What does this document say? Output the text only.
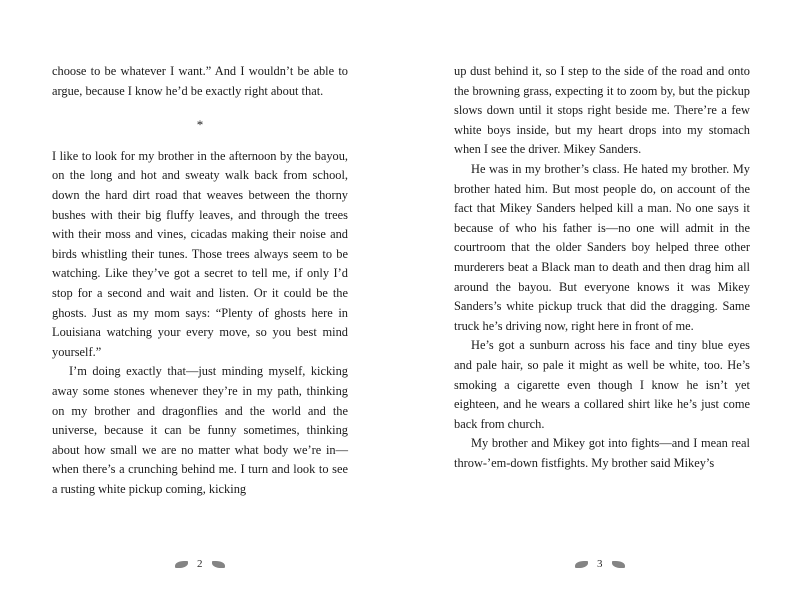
choose to be whatever I want.” And I wouldn’t be able to argue, because I know he’d be exactly right about that.

*

I like to look for my brother in the afternoon by the bayou, on the long and hot and sweaty walk back from school, down the hard dirt road that weaves between the thorny bushes with their big fluffy leaves, and through the trees with their moss and vines, cicadas making their noise and birds whistling their tunes. Those trees always seem to be watching. Like they’ve got a secret to tell me, if only I’d stop for a second and wait and listen. Or it could be the ghosts. Just as my mom says: “Plenty of ghosts here in Louisiana watching your every move, so you best mind yourself.”

I’m doing exactly that—just minding myself, kicking away some stones whenever they’re in my path, thinking on my brother and dragonflies and the world and the universe, because it can be funny sometimes, thinking about how small we are no matter what body we’re in—when there’s a crunching behind me. I turn and look to see a rusting white pickup coming, kicking

2

up dust behind it, so I step to the side of the road and onto the browning grass, expecting it to zoom by, but the pickup slows down until it stops right beside me. There’re a few white boys inside, but my heart drops into my stomach when I see the driver. Mikey Sanders.

He was in my brother’s class. He hated my brother. My brother hated him. But most people do, on account of the fact that Mikey Sanders helped kill a man. No one says it because of who his father is—no one will admit in the courtroom that the older Sanders boy helped three other murderers beat a Black man to death and then drag him all around the bayou. But everyone knows it was Mikey Sanders’s white pickup truck that did the dragging. Same truck he’s driving now, right here in front of me.

He’s got a sunburn across his face and tiny blue eyes and pale hair, so pale it might as well be white, too. He’s smoking a cigarette even though I know he isn’t yet eighteen, and he wears a collared shirt like he’s just come back from church.

My brother and Mikey got into fights—and I mean real throw-’em-down fistfights. My brother said Mikey’s

3
